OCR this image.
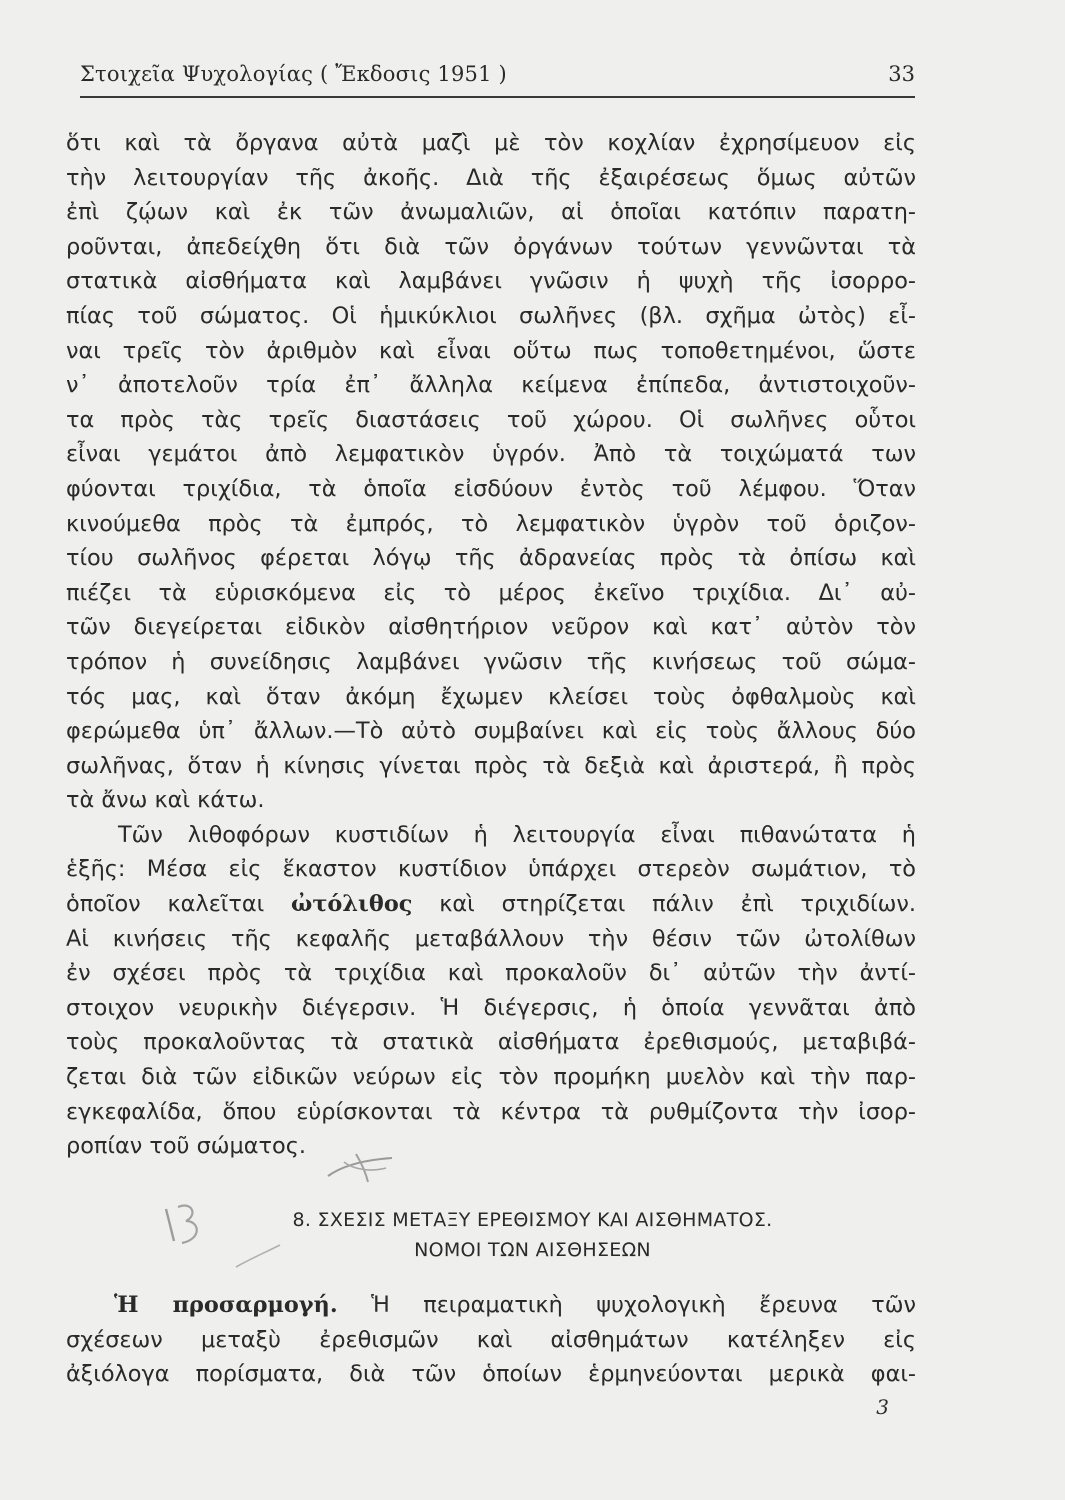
Στοιχεῖα Ψυχολογίας ( Ἔκδοσις 1951 )	33
ὅτι καὶ τὰ ὄργανα αὐτὰ μαζὶ μὲ τὸν κοχλίαν ἐχρησίμευον εἰς
τὴν λειτουργίαν τῆς ἀκοῆς. Διὰ τῆς ἐξαιρέσεως ὅμως αὐτῶν
ἐπὶ ζῴων καὶ ἐκ τῶν ἀνωμαλιῶν, αἱ ὁποῖαι κατόπιν παρατη-
ροῦνται, ἀπεδείχθη ὅτι διὰ τῶν ὀργάνων τούτων γεννῶνται τὰ
στατικὰ αἰσθήματα καὶ λαμβάνει γνῶσιν ἡ ψυχὴ τῆς ἰσορρο-
πίας τοῦ σώματος. Οἱ ἡμικύκλιοι σωλῆνες (βλ. σχῆμα ὠτὸς) εἶ-
ναι τρεῖς τὸν ἀριθμὸν καὶ εἶναι οὕτω πως τοποθετημένοι, ὥστε
ν᾿ ἀποτελοῦν τρία ἐπ᾿ ἄλληλα κείμενα ἐπίπεδα, ἀντιστοιχοῦν-
τα πρὸς τὰς τρεῖς διαστάσεις τοῦ χώρου. Οἱ σωλῆνες οὗτοι
εἶναι γεμάτοι ἀπὸ λεμφατικὸν ὑγρόν. Ἀπὸ τὰ τοιχώματά των
φύονται τριχίδια, τὰ ὁποῖα εἰσδύουν ἐντὸς τοῦ λέμφου. Ὅταν
κινούμεθα πρὸς τὰ ἐμπρός, τὸ λεμφατικὸν ὑγρὸν τοῦ ὁριζον-
τίου σωλῆνος φέρεται λόγῳ τῆς ἀδρανείας πρὸς τὰ ὀπίσω καὶ
πιέζει τὰ εὑρισκόμενα εἰς τὸ μέρος ἐκεῖνο τριχίδια. Δι᾿ αὐ-
τῶν διεγείρεται εἰδικὸν αἰσθητήριον νεῦρον καὶ κατ᾿ αὐτὸν τὸν
τρόπον ἡ συνείδησις λαμβάνει γνῶσιν τῆς κινήσεως τοῦ σώμα-
τός μας, καὶ ὅταν ἀκόμη ἔχωμεν κλείσει τοὺς ὀφθαλμοὺς καὶ
φερώμεθα ὑπ᾿ ἄλλων.—Τὸ αὐτὸ συμβαίνει καὶ εἰς τοὺς ἄλλους δύο
σωλῆνας, ὅταν ἡ κίνησις γίνεται πρὸς τὰ δεξιὰ καὶ ἀριστερά, ἢ πρὸς
τὰ ἄνω καὶ κάτω.
Τῶν λιθοφόρων κυστιδίων ἡ λειτουργία εἶναι πιθανώτατα ἡ
ἑξῆς: Μέσα εἰς ἕκαστον κυστίδιον ὑπάρχει στερεὸν σωμάτιον, τὸ
ὁποῖον καλεῖται ὠτόλιθος καὶ στηρίζεται πάλιν ἐπὶ τριχιδίων.
Αἱ κινήσεις τῆς κεφαλῆς μεταβάλλουν τὴν θέσιν τῶν ὠτολίθων
ἐν σχέσει πρὸς τὰ τριχίδια καὶ προκαλοῦν δι᾿ αὐτῶν τὴν ἀντί-
στοιχον νευρικὴν διέγερσιν. Ἡ διέγερσις, ἡ ὁποία γεννᾶται ἀπὸ
τοὺς προκαλοῦντας τὰ στατικὰ αἰσθήματα ἐρεθισμούς, μεταβιβά-
ζεται διὰ τῶν εἰδικῶν νεύρων εἰς τὸν προμήκη μυελὸν καὶ τὴν παρ-
εγκεφαλίδα, ὅπου εὑρίσκονται τὰ κέντρα τὰ ρυθμίζοντα τὴν ἰσορ-
ροπίαν τοῦ σώματος.
8. ΣΧΕΣΙΣ ΜΕΤΑΞΥ ΕΡΕΘΙΣΜΟΥ ΚΑΙ ΑΙΣΘΗΜΑΤΟΣ.
ΝΟΜΟΙ ΤΩΝ ΑΙΣΘΗΣΕΩΝ
Ἡ προσαρμογή. Ἡ πειραματικὴ ψυχολογικὴ ἔρευνα τῶν
σχέσεων μεταξὺ ἐρεθισμῶν καὶ αἰσθημάτων κατέληξεν εἰς
ἀξιόλογα πορίσματα, διὰ τῶν ὁποίων ἑρμηνεύονται μερικὰ φαι-
3
